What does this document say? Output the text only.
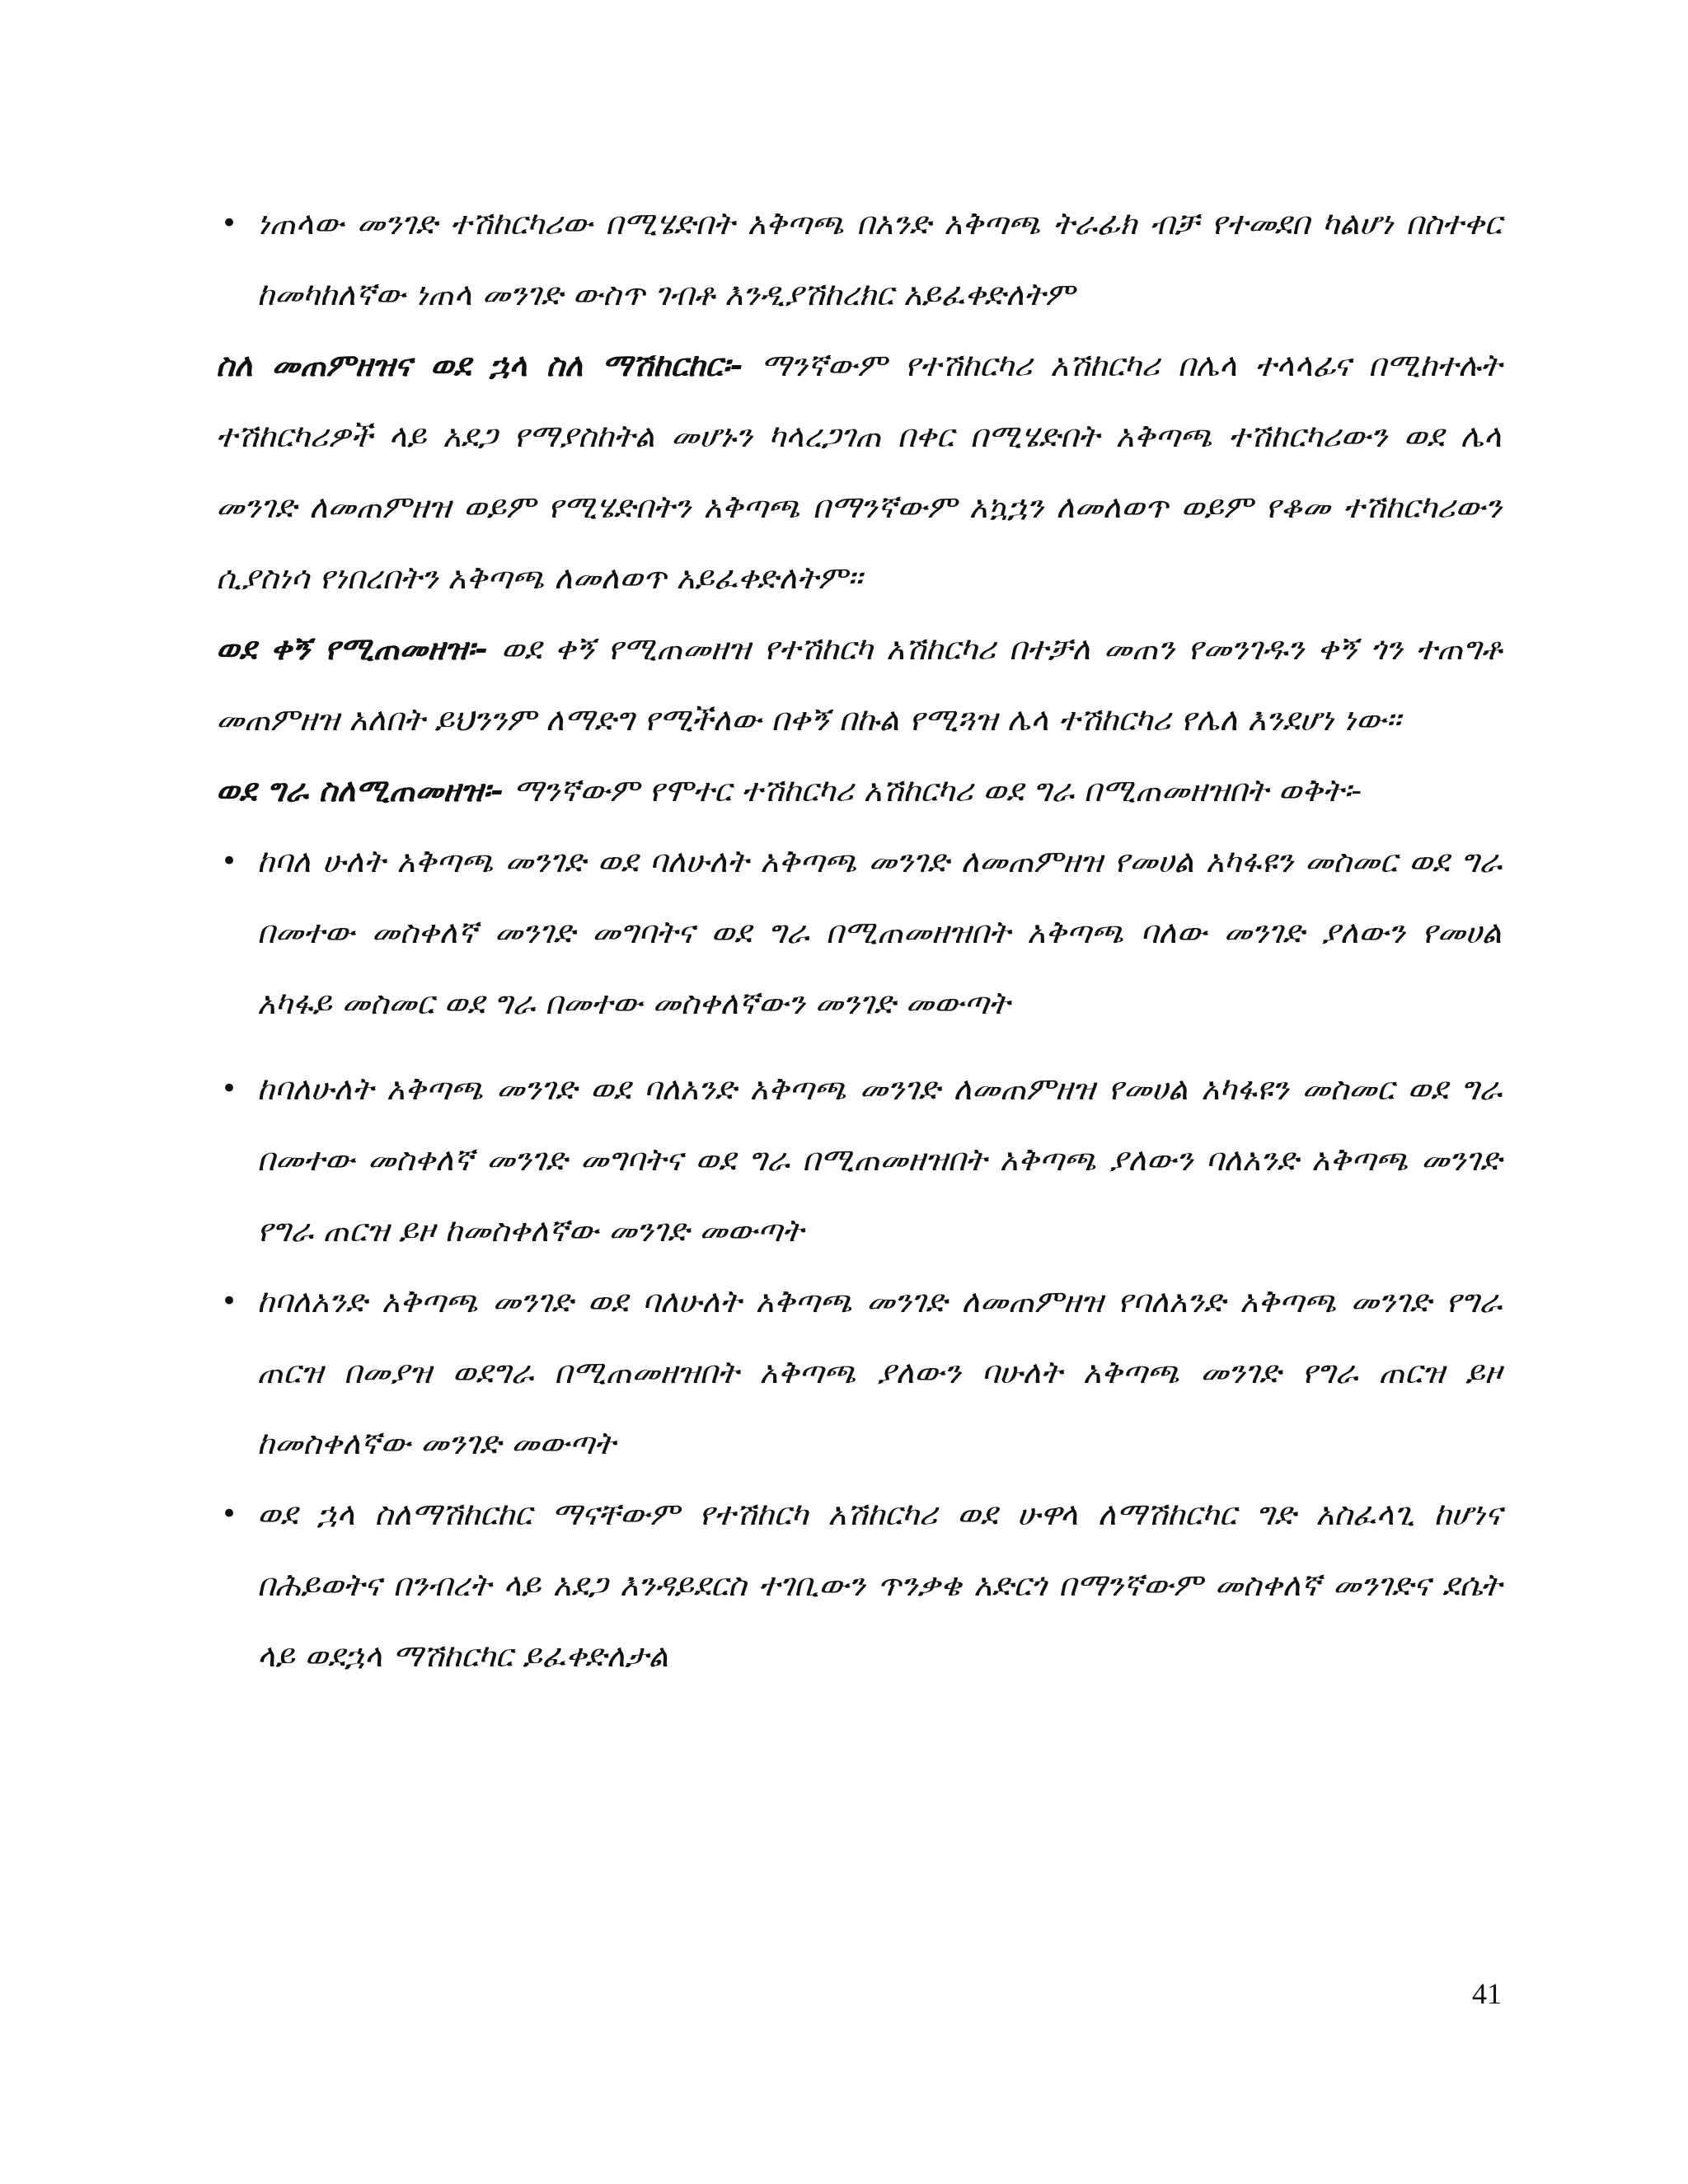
• ነጠላው መንገድ ተሽከርካሪው በሚሄድበት አቅጣጫ በአንድ አቅጣጫ ትራፊክ ብቻ የተመደበ ካልሆነ በስተቀር ከመካከለኛው ነጠላ መንገድ ውስጥ ገብቶ እንዲያሽከረክር አይፈቀድለትም

ስለ መጠምዘዝና ወደ ኋላ ስለ ማሽከርከር፡- ማንኛውም የተሽከርካሪ አሽከርካሪ በሌላ ተላላፊና በሚከተሉት ተሽከርካሪዎች ላይ አደጋ የማያስከትል መሆኑን ካላረጋገጠ በቀር በሚሄድበት አቅጣጫ ተሽከርካሪውን ወደ ሌላ መንገድ ለመጠምዘዝ ወይም የሚሄድበትን አቅጣጫ በማንኛውም አኳኋን ለመለወጥ ወይም የቆመ ተሽከርካሪውን ሲያስነሳ የነበረበትን አቅጣጫ ለመለወጥ አይፈቀድለትም፡፡

ወደ ቀኝ የሚጠመዘዝ፡- ወደ ቀኝ የሚጠመዘዝ የተሽከርካ አሽከርካሪ በተቻለ መጠን የመንገዱን ቀኝ ጎን ተጠግቶ መጠምዘዝ አለበት ይህንንም ለማድግ የሚችለው በቀኝ በኩል የሚጓዝ ሌላ ተሽከርካሪ የሌለ እንደሆነ ነው፡፡

ወደ ግራ ስለሚጠመዘዝ፡- ማንኛውም የሞተር ተሽከርካሪ አሽከርካሪ ወደ ግራ በሚጠመዘዝበት ወቅት፡-

• ከባለ ሁለት አቅጣጫ መንገድ ወደ ባለሁለት አቅጣጫ መንገድ ለመጠምዘዝ የመሀል አካፋዩን መስመር ወደ ግራ በመተው መስቀለኛ መንገድ መግባትና ወደ ግራ በሚጠመዘዝበት አቅጣጫ ባለው መንገድ ያለውን የመሀል አካፋይ መስመር ወደ ግራ በመተው መስቀለኛውን መንገድ መውጣት
• ከባለሁለት አቅጣጫ መንገድ ወደ ባለአንድ አቅጣጫ መንገድ ለመጠምዘዝ የመሀል አካፋዩን መስመር ወደ ግራ በመተው መስቀለኛ መንገድ መግባትና ወደ ግራ በሚጠመዘዝበት አቅጣጫ ያለውን ባለአንድ አቅጣጫ መንገድ የግራ ጠርዝ ይዞ ከመስቀለኛው መንገድ መውጣት
• ከባለአንድ አቅጣጫ መንገድ ወደ ባለሁለት አቅጣጫ መንገድ ለመጠምዘዝ የባለአንድ አቅጣጫ መንገድ የግራ ጠርዝ በመያዝ ወደግራ በሚጠመዘዝበት አቅጣጫ ያለውን ባሁለት አቅጣጫ መንገድ የግራ ጠርዝ ይዞ ከመስቀለኛው መንገድ መውጣት
• ወደ ኋላ ስለማሽከርከር ማናቸውም የተሽከርካ አሽከርካሪ ወደ ሁዋላ ለማሽከርካር ግድ አስፈላጊ ከሆነና በሕይወትና በንብረት ላይ አደጋ እንዳይደርስ ተገቢውን ጥንቃቄ አድርጎ በማንኛውም መስቀለኛ መንገድና ደሴት ላይ ወደኋላ ማሽከርካር ይፈቀድለታል
41
